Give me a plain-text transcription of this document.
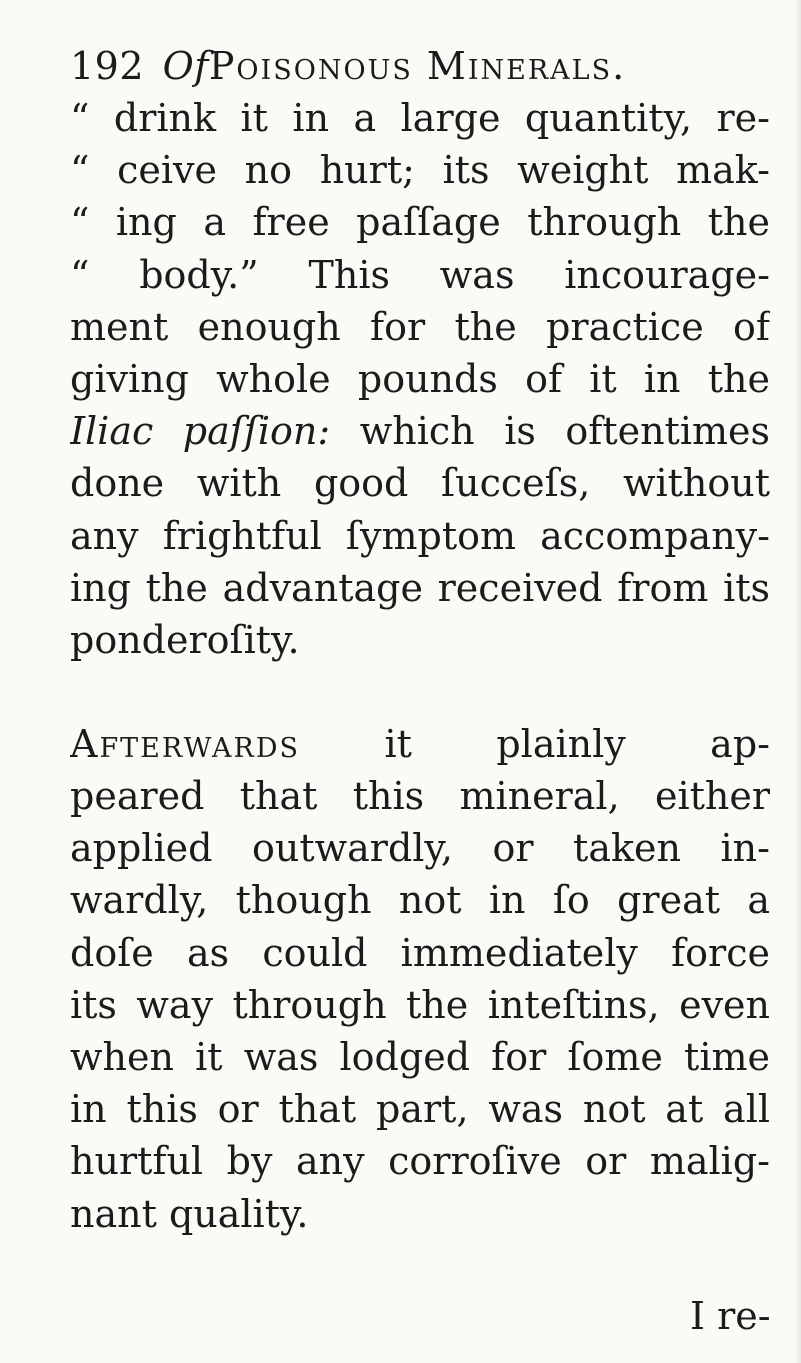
192 OfPoisonous Minerals.
“ drink it in a large quantity, re-
“ ceive no hurt; its weight mak-
“ ing a free paſſage through the
“ body.” This was incourage-
ment enough for the practice of
giving whole pounds of it in the
Iliac paſſion: which is oftentimes
done with good ſucceſs, without
any frightful ſymptom accompany-
ing the advantage received from its
ponderoſity.
Afterwards it plainly ap-
peared that this mineral, either
applied outwardly, or taken in-
wardly, though not in ſo great a
doſe as could immediately force
its way through the inteſtins, even
when it was lodged for ſome time
in this or that part, was not at all
hurtful by any corroſive or malig-
nant quality.
I re-
